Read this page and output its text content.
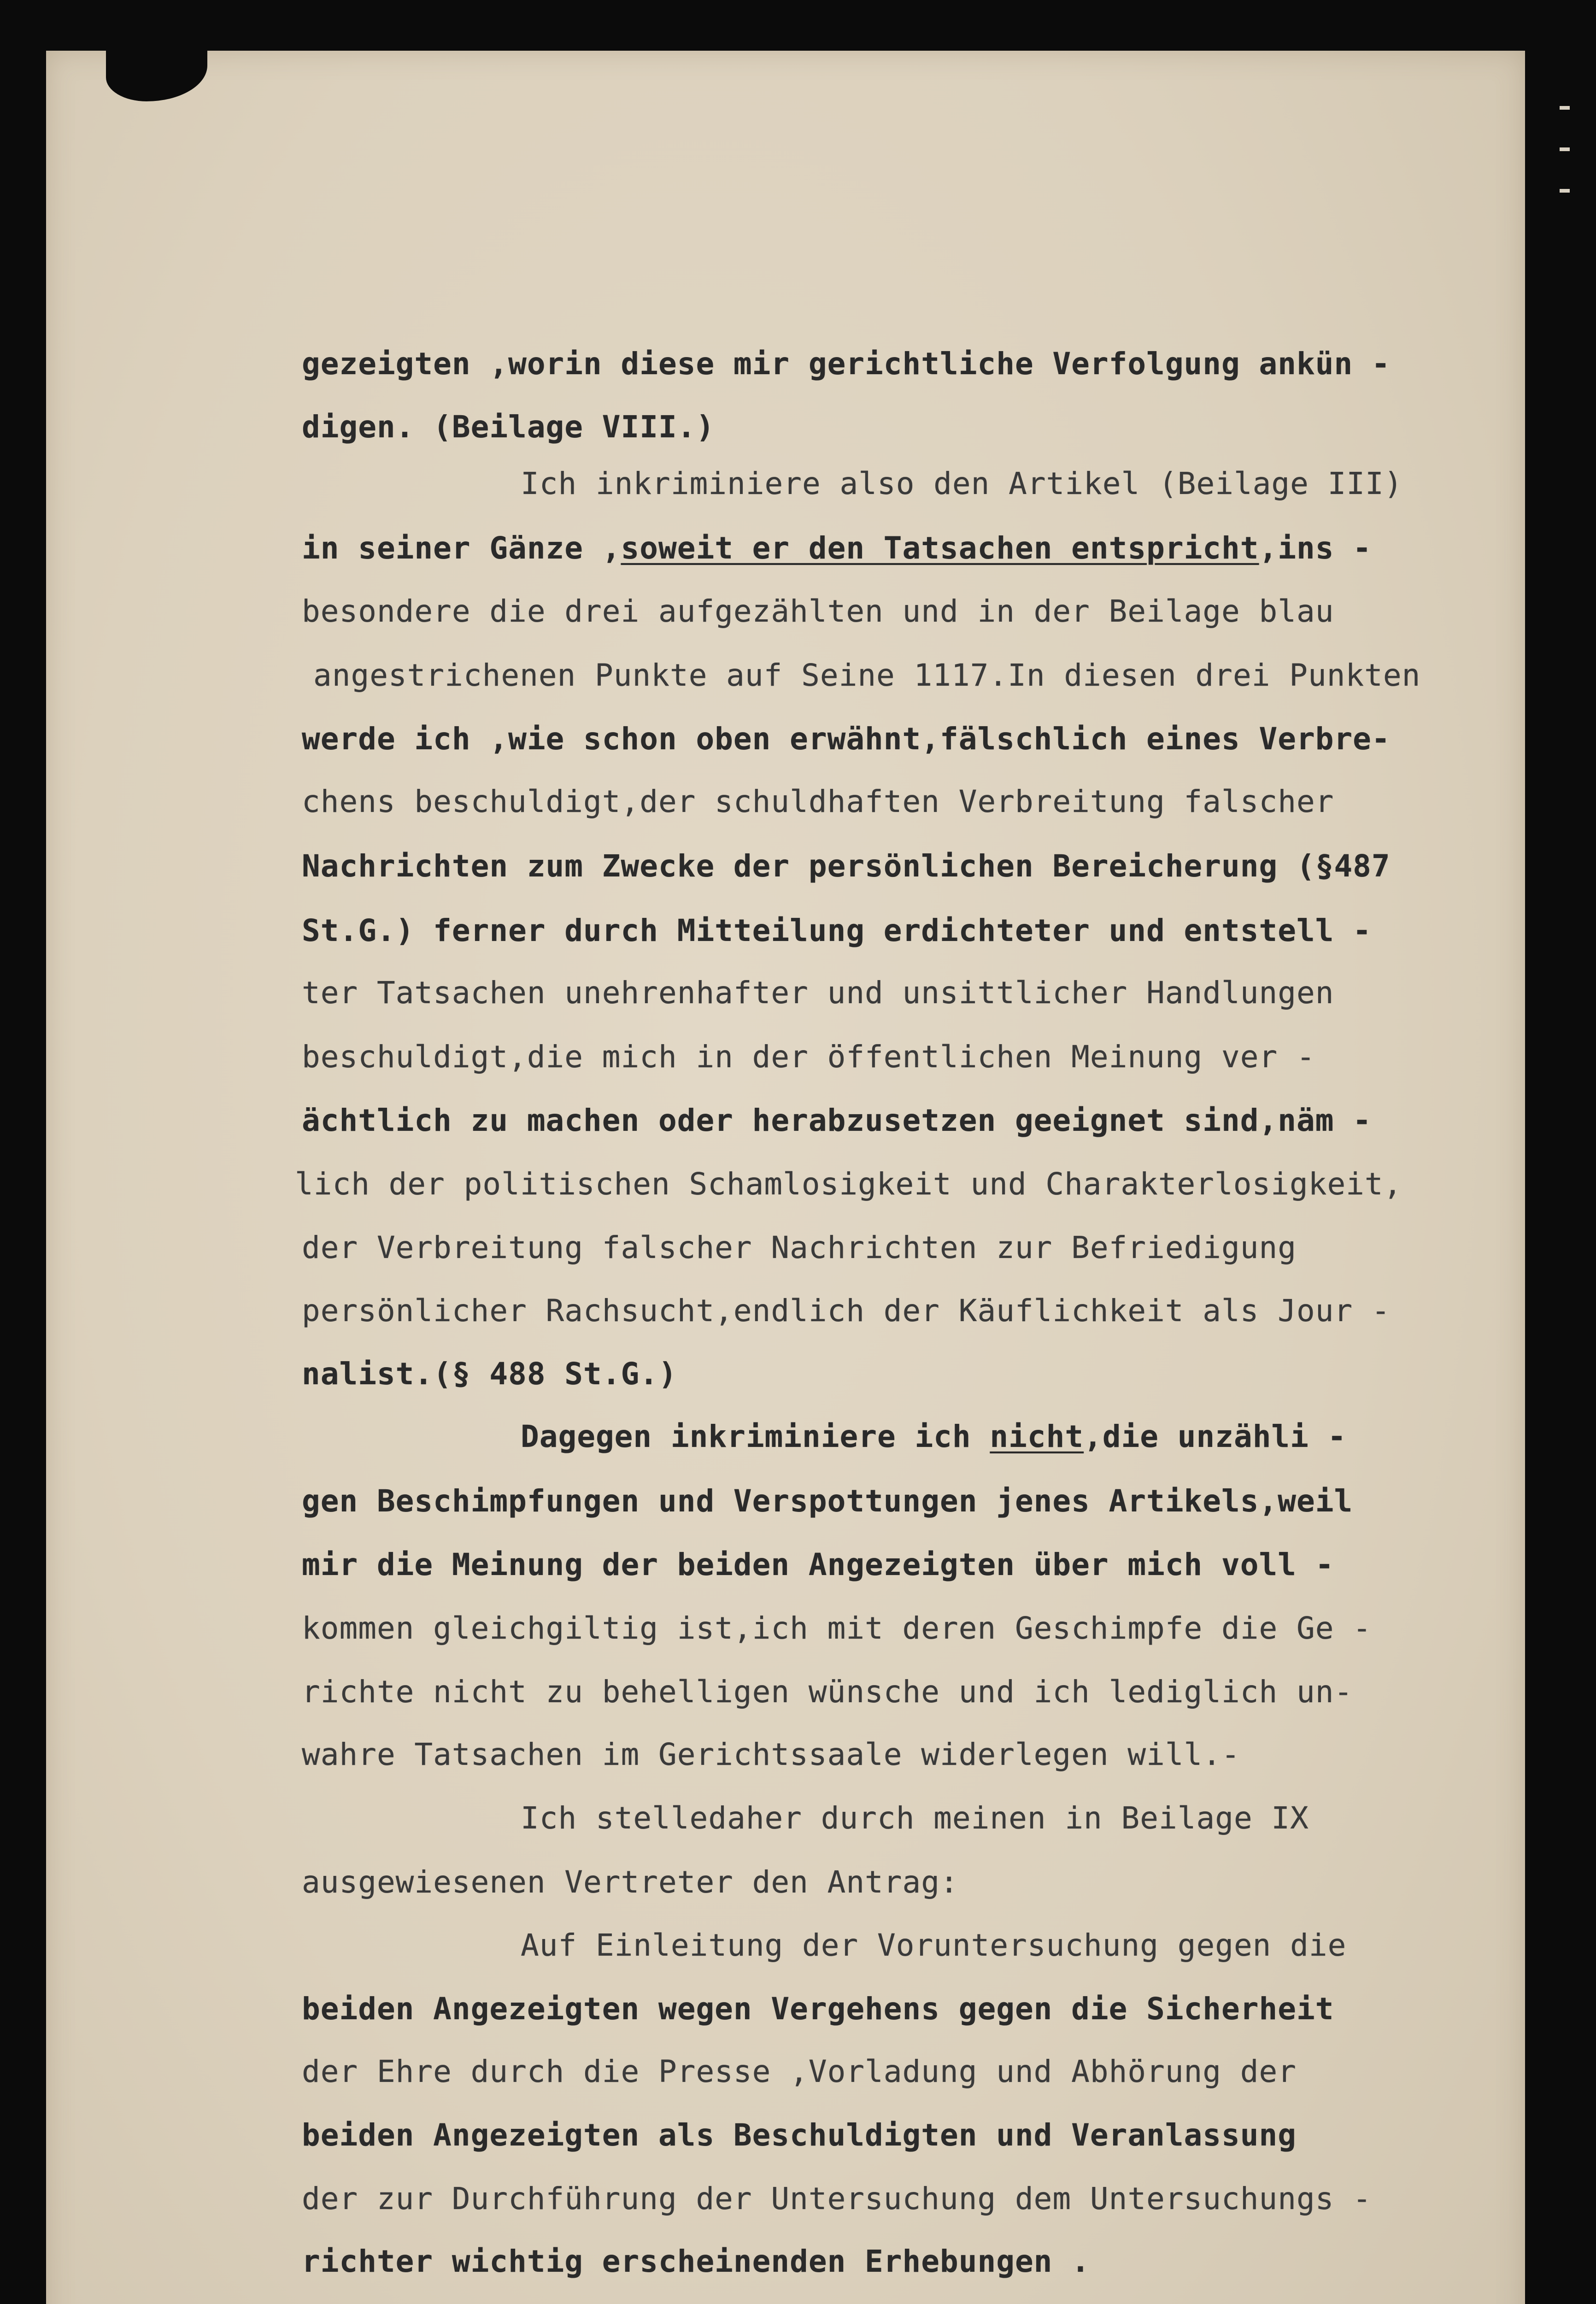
gezeigten ,worin diese mir gerichtliche Verfolgung ankün -
digen. (Beilage VIII.)
Ich inkriminiere also den Artikel (Beilage III)
in seiner Gänze ,soweit er den Tatsachen entspricht,ins -
besondere die drei aufgezählten und in der Beilage blau
angestrichenen Punkte auf Seine 1117.In diesen drei Punkten
werde ich ,wie schon oben erwähnt,fälschlich eines Verbre-
chens beschuldigt,der schuldhaften Verbreitung falscher
Nachrichten zum Zwecke der persönlichen Bereicherung (§487
St.G.) ferner durch Mitteilung erdichteter und entstell -
ter Tatsachen unehrenhafter und unsittlicher Handlungen
beschuldigt,die mich in der öffentlichen Meinung ver -
ächtlich zu machen oder herabzusetzen geeignet sind,näm -
lich der politischen Schamlosigkeit und Charakterlosigkeit,
der Verbreitung falscher Nachrichten zur Befriedigung
persönlicher Rachsucht,endlich der Käuflichkeit als Jour -
nalist.(§ 488 St.G.)
Dagegen inkriminiere ich nicht,die unzähli -
gen Beschimpfungen und Verspottungen jenes Artikels,weil
mir die Meinung der beiden Angezeigten über mich voll -
kommen gleichgiltig ist,ich mit deren Geschimpfe die Ge -
richte nicht zu behelligen wünsche und ich lediglich un-
wahre Tatsachen im Gerichtssaale widerlegen will.-
Ich stelledaher durch meinen in Beilage IX
ausgewiesenen Vertreter den Antrag:
Auf Einleitung der Voruntersuchung gegen die
beiden Angezeigten wegen Vergehens gegen die Sicherheit
der Ehre durch die Presse ,Vorladung und Abhörung der
beiden Angezeigten als Beschuldigten und Veranlassung
der zur Durchführung der Untersuchung dem Untersuchungs -
richter wichtig erscheinenden Erhebungen .
